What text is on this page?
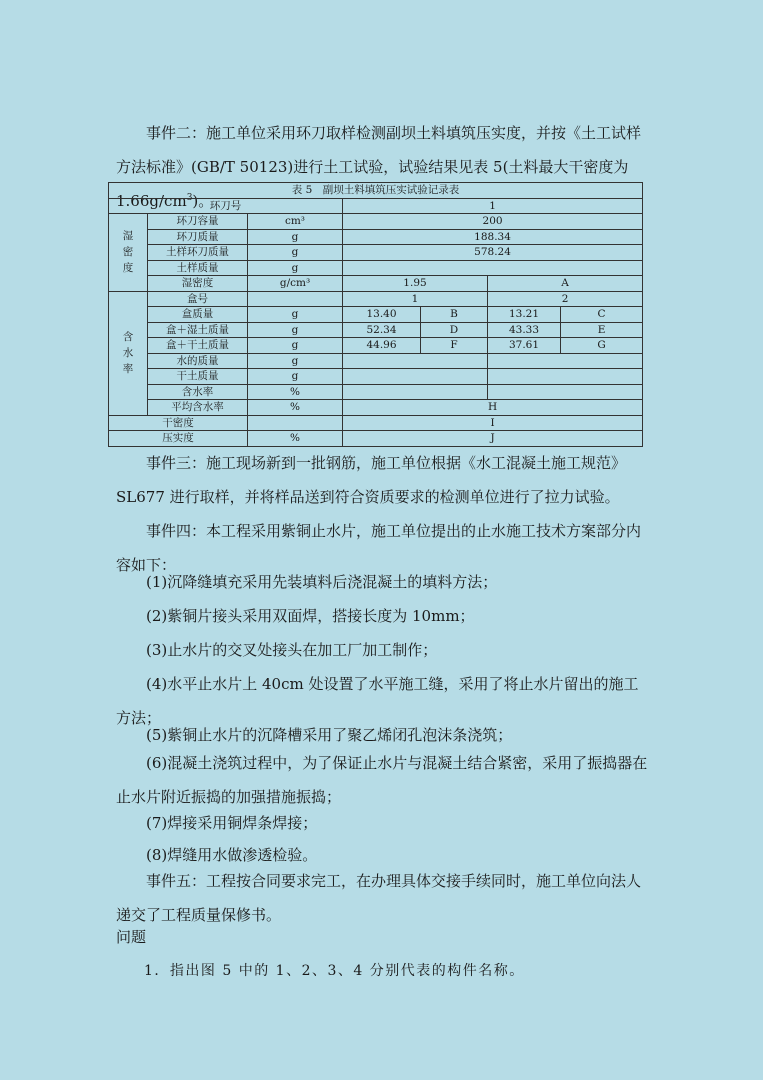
事件二：施工单位采用环刀取样检测副坝土料填筑压实度，并按《土工试样方法标准》(GB/T 50123)进行土工试验，试验结果见表 5(土料最大干密度为 $1.66g/cm^3$)。

表 5　副坝土料填筑压实试验记录表						
环刀号			1			

湿
密
度	环刀容量	cm³	200			
	环刀质量	g	188.34			
	土样环刀质量	g	578.24			
	土样质量	g				
	湿密度	g/cm³	1.95		A	

含
水
率	盒号		1		2	
	盒质量	g	13.40	B	13.21	C
	盒＋湿土质量	g	52.34	D	43.33	E
	盒＋干土质量	g	44.96	F	37.61	G
	水的质量	g				
	干土质量	g				
	含水率	%				
	平均含水率	%	H			
干密度			I			
压实度		%	J			

事件三：施工现场新到一批钢筋，施工单位根据《水工混凝土施工规范》SL677 进行取样，并将样品送到符合资质要求的检测单位进行了拉力试验。

事件四：本工程采用紫铜止水片，施工单位提出的止水施工技术方案部分内容如下：

(1)沉降缝填充采用先装填料后浇混凝土的填料方法；

(2)紫铜片接头采用双面焊，搭接长度为 10mm；

(3)止水片的交叉处接头在加工厂加工制作；

(4)水平止水片上 40cm 处设置了水平施工缝，采用了将止水片留出的施工方法；

(5)紫铜止水片的沉降槽采用了聚乙烯闭孔泡沫条浇筑；

(6)混凝土浇筑过程中，为了保证止水片与混凝土结合紧密，采用了振捣器在止水片附近振捣的加强措施振捣；

(7)焊接采用铜焊条焊接；

(8)焊缝用水做渗透检验。

事件五：工程按合同要求完工，在办理具体交接手续同时，施工单位向法人递交了工程质量保修书。

问题
1．指出图 5 中的 1、2、3、4 分别代表的构件名称。
